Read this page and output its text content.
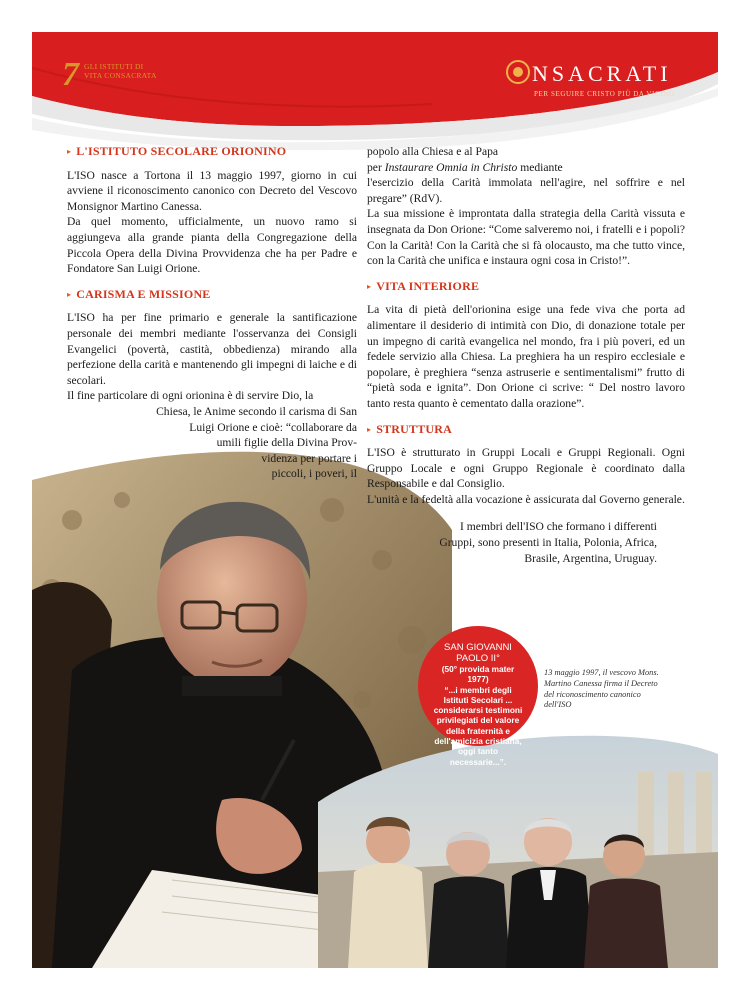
7 GLI ISTITUTI DI
VITA CONSACRATA	NSACRATI
PER SEGUIRE CRISTO PIÙ DA VICINO
▸ L'ISTITUTO SECOLARE ORIONINO

L'ISO nasce a Tortona il 13 maggio 1997, giorno in cui avviene il riconoscimento canonico con Decreto del Vescovo Monsignor Martino Canessa.

Da quel momento, ufficialmente, un nuovo ramo si aggiungeva alla grande pianta della Congregazione della Piccola Opera della Divina Provvidenza che ha per Padre e Fondatore San Luigi Orione.

▸ CARISMA E MISSIONE

L'ISO ha per fine primario e generale la santificazione personale dei membri mediante l'osservanza dei Consigli Evangelici (povertà, castità, obbedienza) mirando alla perfezione della carità e mantenendo gli impegni di laiche e di secolari.

Il fine particolare di ogni orionina è di servire Dio, la
Chiesa, le Anime secondo il carisma di San
Luigi Orione e cioè: “collaborare da
umili figlie della Divina Prov-
videnza per portare i
piccoli, i poveri, il
popolo alla Chiesa e al Papa
per Instaurare Omnia in Christo mediante

l'esercizio della Carità immolata nell'agire, nel soffrire e nel pregare” (RdV).

La sua missione è improntata dalla strategia della Carità vissuta e insegnata da Don Orione: “Come salveremo noi, i fratelli e i popoli? Con la Carità! Con la Carità che si fà olocausto, ma che tutto vince, con la Carità che unifica e instaura ogni cosa in Cristo!”.

▸ VITA INTERIORE

La vita di pietà dell'orionina esige una fede viva che porta ad alimentare il desiderio di intimità con Dio, di donazione totale per un impegno di carità evangelica nel mondo, fra i più poveri, ed un fedele servizio alla Chiesa. La preghiera ha un respiro ecclesiale e popolare, è preghiera “senza astruserie e sentimentalismi” frutto di “pietà soda e ignita”. Don Orione ci scrive: “ Del nostro lavoro tanto resta quanto è cementato dalla orazione”.

▸ STRUTTURA

L'ISO è strutturato in Gruppi Locali e Gruppi Regionali. Ogni Gruppo Locale e ogni Gruppo Regionale è coordinato dalla Responsabile e dal Consiglio.

L'unità e la fedeltà alla vocazione è assicurata dal Governo generale.

I membri dell'ISO che formano i differenti
Gruppi, sono presenti in Italia, Polonia, Africa,
Brasile, Argentina, Uruguay.
SAN GIOVANNI
PAOLO II°
(50° provida mater 1977)
“...i membri degli Istituti Secolari ... considerarsi testimoni privilegiati del valore della fraternità e dell'amicizia cristiana, oggi tanto necessarie...”.
13 maggio 1997, il vescovo Mons. Martino Canessa firma il Decreto del riconoscimento canonico dell'ISO
